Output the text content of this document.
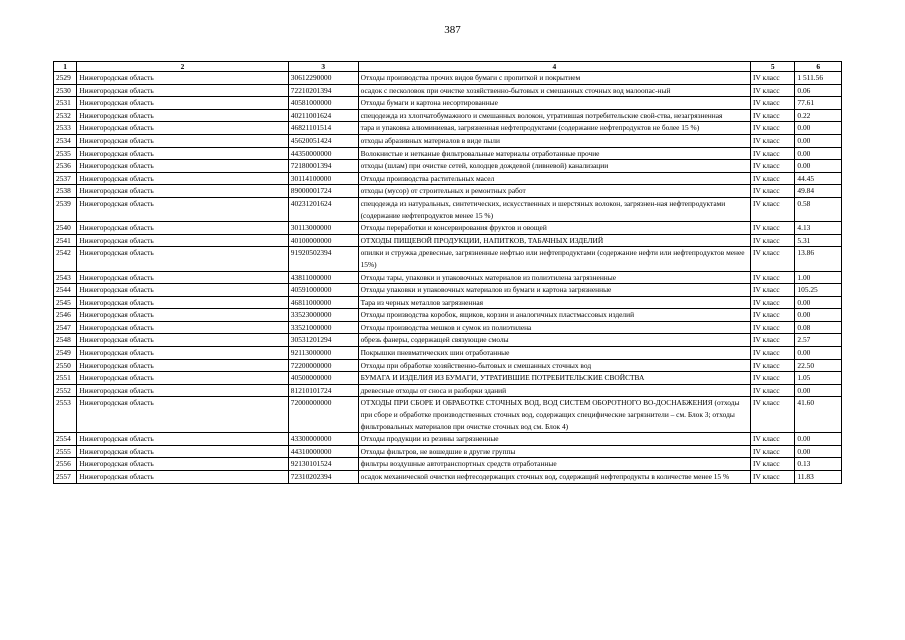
387
1	2	3	4	5	6
2529	Нижегородская область	30612290000	Отходы производства прочих видов бумаги с пропиткой и покрытием	IV класс	1 511.56
2530	Нижегородская область	72210201394	осадок с песколовок при очистке хозяйственно-бытовых и смешанных сточных вод малоопас-ный	IV класс	0.06
2531	Нижегородская область	40581000000	Отходы бумаги и картона несортированные	IV класс	77.61
2532	Нижегородская область	40211001624	спецодежда из хлопчатобумажного и смешанных волокон, утратившая потребительские свой-ства, незагрязненная	IV класс	0.22
2533	Нижегородская область	46821101514	тара и упаковка алюминиевая, загрязненная нефтепродуктами (содержание нефтепродуктов не более 15 %)	IV класс	0.00
2534	Нижегородская область	45620051424	отходы абразивных материалов в виде пыли	IV класс	0.00
2535	Нижегородская область	44350000000	Волокнистые и нетканые фильтровальные материалы отработанные прочие	IV класс	0.00
2536	Нижегородская область	72180001394	отходы (шлам) при очистке сетей, колодцев дождевой (ливневой) канализации	IV класс	0.00
2537	Нижегородская область	30114100000	Отходы производства растительных масел	IV класс	44.45
2538	Нижегородская область	89000001724	отходы (мусор) от строительных и ремонтных работ	IV класс	49.84
2539	Нижегородская область	40231201624	спецодежда из натуральных, синтетических, искусственных и шерстяных волокон, загрязнен-ная нефтепродуктами (содержание нефтепродуктов менее 15 %)	IV класс	0.58
2540	Нижегородская область	30113000000	Отходы переработки и консервирования фруктов и овощей	IV класс	4.13
2541	Нижегородская область	40100000000	ОТХОДЫ ПИЩЕВОЙ ПРОДУКЦИИ, НАПИТКОВ, ТАБАЧНЫХ ИЗДЕЛИЙ	IV класс	5.31
2542	Нижегородская область	91920502394	опилки и стружка древесные, загрязненные нефтью или нефтепродуктами (содержание нефти или нефтепродуктов менее 15%)	IV класс	13.86
2543	Нижегородская область	43811000000	Отходы тары, упаковки и упаковочных материалов из полиэтилена загрязненные	IV класс	1.00
2544	Нижегородская область	40591000000	Отходы упаковки и упаковочных материалов из бумаги и картона загрязненные	IV класс	105.25
2545	Нижегородская область	46811000000	Тара из черных металлов загрязненная	IV класс	0.00
2546	Нижегородская область	33523000000	Отходы производства коробок, ящиков, корзин и аналогичных пластмассовых изделий	IV класс	0.00
2547	Нижегородская область	33521000000	Отходы производства мешков и сумок из полиэтилена	IV класс	0.08
2548	Нижегородская область	30531201294	обрезь фанеры, содержащей связующие смолы	IV класс	2.57
2549	Нижегородская область	92113000000	Покрышки пневматических шин отработанные	IV класс	0.00
2550	Нижегородская область	72200000000	Отходы при обработке хозяйственно-бытовых и смешанных сточных вод	IV класс	22.50
2551	Нижегородская область	40500000000	БУМАГА И ИЗДЕЛИЯ ИЗ БУМАГИ, УТРАТИВШИЕ ПОТРЕБИТЕЛЬСКИЕ СВОЙСТВА	IV класс	1.05
2552	Нижегородская область	81210101724	древесные отходы от сноса и разборки зданий	IV класс	0.00
2553	Нижегородская область	72000000000	ОТХОДЫ ПРИ СБОРЕ И ОБРАБОТКЕ СТОЧНЫХ ВОД, ВОД СИСТЕМ ОБОРОТНОГО ВО-ДОСНАБЖЕНИЯ (отходы при сборе и обработке производственных сточных вод, содержащих специфические загрязнители – см. Блок 3; отходы фильтровальных материалов при очистке сточных вод см. Блок 4)	IV класс	41.60
2554	Нижегородская область	43300000000	Отходы продукции из резины загрязненные	IV класс	0.00
2555	Нижегородская область	44310000000	Отходы фильтров, не вошедшие в другие группы	IV класс	0.00
2556	Нижегородская область	92130101524	фильтры воздушные автотранспортных средств отработанные	IV класс	0.13
2557	Нижегородская область	72310202394	осадок механической очистки нефтесодержащих сточных вод, содержащий нефтепродукты в количестве менее 15 %	IV класс	11.83
